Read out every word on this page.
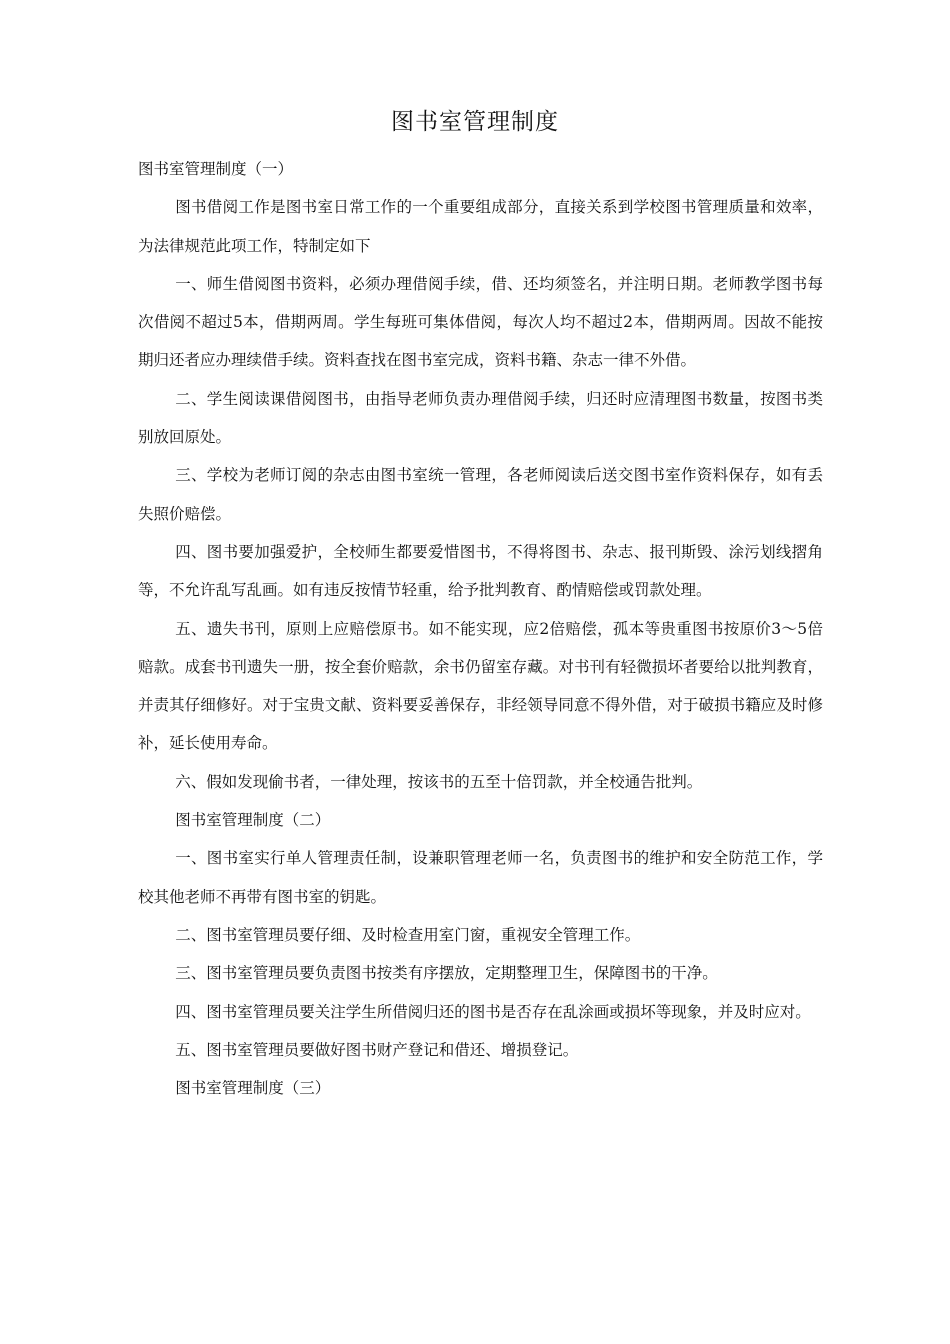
图书室管理制度

图书室管理制度（一）

图书借阅工作是图书室日常工作的一个重要组成部分，直接关系到学校图书管理质量和效率，为法律规范此项工作，特制定如下

一、师生借阅图书资料，必须办理借阅手续，借、还均须签名，并注明日期。老师教学图书每次借阅不超过5本，借期两周。学生每班可集体借阅，每次人均不超过2本，借期两周。因故不能按期归还者应办理续借手续。资料查找在图书室完成，资料书籍、杂志一律不外借。

二、学生阅读课借阅图书，由指导老师负责办理借阅手续，归还时应清理图书数量，按图书类别放回原处。

三、学校为老师订阅的杂志由图书室统一管理，各老师阅读后送交图书室作资料保存，如有丢失照价赔偿。

四、图书要加强爱护，全校师生都要爱惜图书，不得将图书、杂志、报刊斯毁、涂污划线摺角等，不允许乱写乱画。如有违反按情节轻重，给予批判教育、酌情赔偿或罚款处理。

五、遗失书刊，原则上应赔偿原书。如不能实现，应2倍赔偿，孤本等贵重图书按原价3〜5倍赔款。成套书刊遗失一册，按全套价赔款，余书仍留室存藏。对书刊有轻微损坏者要给以批判教育，并责其仔细修好。对于宝贵文献、资料要妥善保存，非经领导同意不得外借，对于破损书籍应及时修补，延长使用寿命。

六、假如发现偷书者，一律处理，按该书的五至十倍罚款，并全校通告批判。

图书室管理制度（二）

一、图书室实行单人管理责任制，设兼职管理老师一名，负责图书的维护和安全防范工作，学校其他老师不再带有图书室的钥匙。

二、图书室管理员要仔细、及时检查用室门窗，重视安全管理工作。

三、图书室管理员要负责图书按类有序摆放，定期整理卫生，保障图书的干净。

四、图书室管理员要关注学生所借阅归还的图书是否存在乱涂画或损坏等现象，并及时应对。

五、图书室管理员要做好图书财产登记和借还、增损登记。

图书室管理制度（三）
